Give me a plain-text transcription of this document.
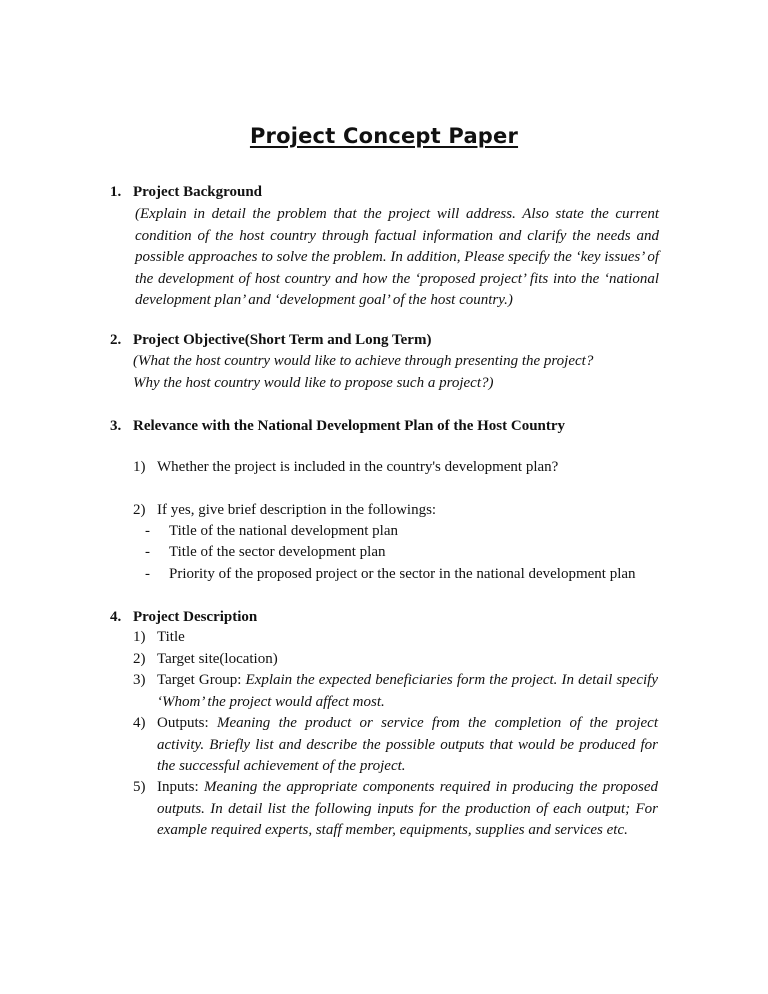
Project Concept Paper
1. Project Background
(Explain in detail the problem that the project will address. Also state the current condition of the host country through factual information and clarify the needs and possible approaches to solve the problem. In addition, Please specify the ‘key issues’ of the development of host country and how the ‘proposed project’ fits into the ‘national development plan’ and ‘development goal’ of the host country.)
2. Project Objective(Short Term and Long Term)
(What the host country would like to achieve through presenting the project?
Why the host country would like to propose such a project?)
3. Relevance with the National Development Plan of the Host Country
1) Whether the project is included in the country's development plan?
2) If yes, give brief description in the followings:
- Title of the national development plan
- Title of the sector development plan
- Priority of the proposed project or the sector in the national development plan
4. Project Description
1) Title
2) Target site(location)
3) Target Group: Explain the expected beneficiaries form the project. In detail specify ‘Whom’ the project would affect most.
4) Outputs: Meaning the product or service from the completion of the project activity. Briefly list and describe the possible outputs that would be produced for the successful achievement of the project.
5) Inputs: Meaning the appropriate components required in producing the proposed outputs. In detail list the following inputs for the production of each output; For example required experts, staff member, equipments, supplies and services etc.
